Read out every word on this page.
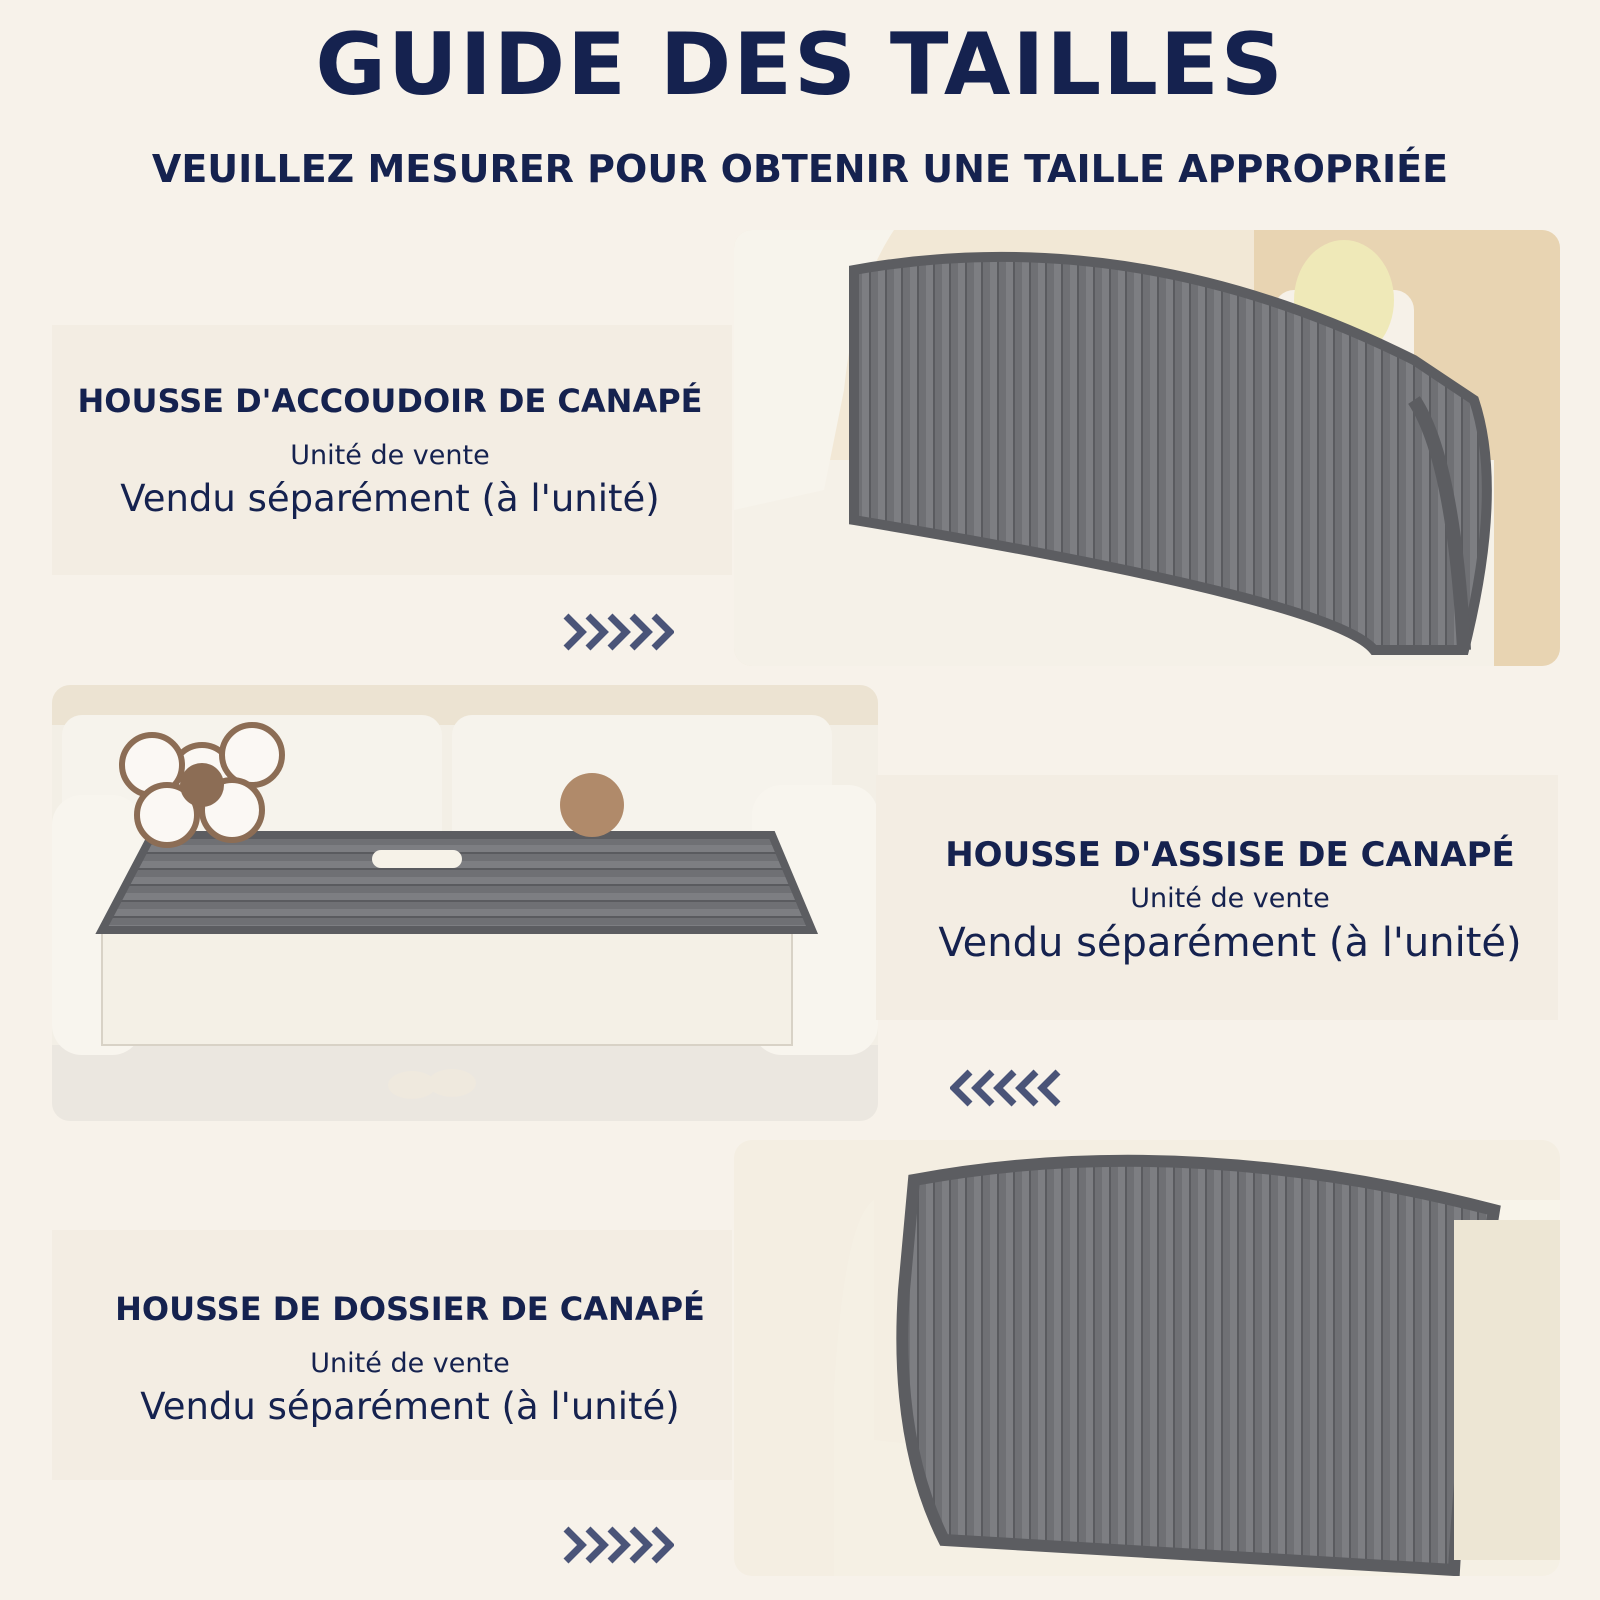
GUIDE DES TAILLES
VEUILLEZ MESURER POUR OBTENIR UNE TAILLE APPROPRIÉE
HOUSSE D'ACCOUDOIR DE CANAPÉ
Unité de vente
Vendu séparément (à l'unité)
HOUSSE D'ASSISE DE CANAPÉ
Unité de vente
Vendu séparément (à l'unité)
HOUSSE DE DOSSIER DE CANAPÉ
Unité de vente
Vendu séparément (à l'unité)
